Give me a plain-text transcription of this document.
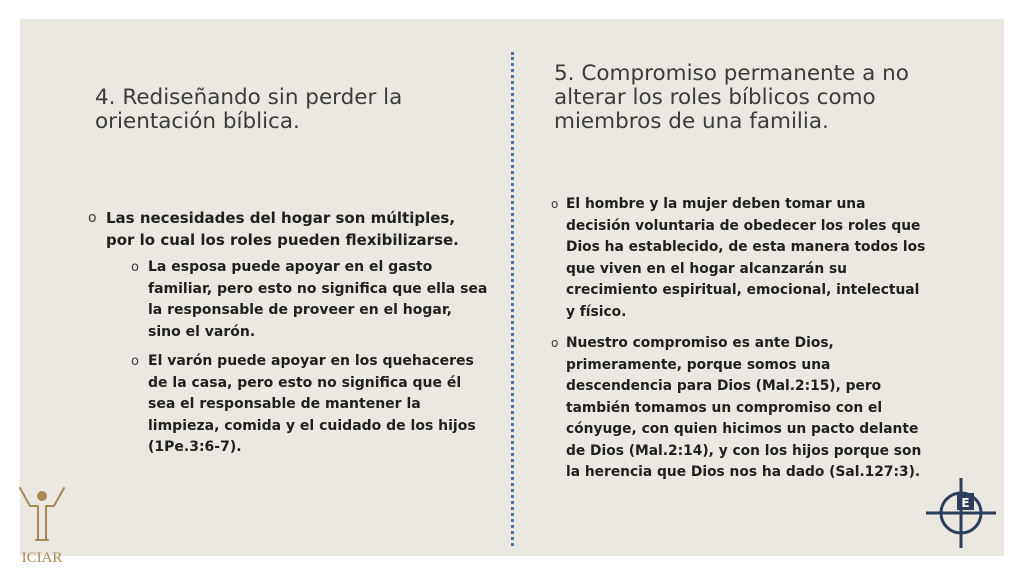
4. Rediseñando sin perder la orientación bíblica.
o Las necesidades del hogar son múltiples, por lo cual los roles pueden flexibilizarse.
o La esposa puede apoyar en el gasto familiar, pero esto no significa que ella sea la responsable de proveer en el hogar, sino el varón.
o El varón puede apoyar en los quehaceres de la casa, pero esto no significa que él sea el responsable de mantener la limpieza, comida y el cuidado de los hijos (1Pe.3:6-7).
5. Compromiso permanente a no alterar los roles bíblicos como miembros de una familia.
o El hombre y la mujer deben tomar una decisión voluntaria de obedecer los roles que Dios ha establecido, de esta manera todos los que viven en el hogar alcanzarán su crecimiento espiritual, emocional, intelectual y físico.
o Nuestro compromiso es ante Dios, primeramente, porque somos una descendencia para Dios (Mal.2:15), pero también tomamos un compromiso con el cónyuge, con quien hicimos un pacto delante de Dios (Mal.2:14), y con los hijos porque son la herencia que Dios nos ha dado (Sal.127:3).
ICIAR
E
